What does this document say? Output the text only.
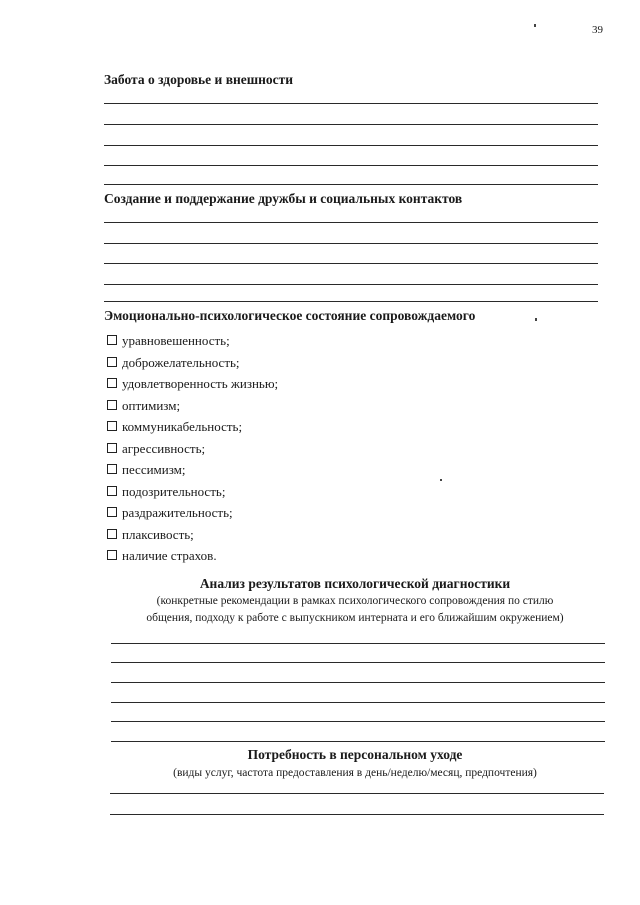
39
Забота о здоровье и внешности
Создание и поддержание дружбы и социальных контактов
Эмоционально-психологическое состояние сопровождаемого
уравновешенность;
доброжелательность;
удовлетворенность жизнью;
оптимизм;
коммуникабельность;
агрессивность;
пессимизм;
подозрительность;
раздражительность;
плаксивость;
наличие страхов.
Анализ результатов психологической диагностики
(конкретные рекомендации в рамках психологического сопровождения по стилю
общения, подходу к работе с выпускником интерната и его ближайшим окружением)
Потребность в персональном уходе
(виды услуг, частота предоставления в день/неделю/месяц, предпочтения)
